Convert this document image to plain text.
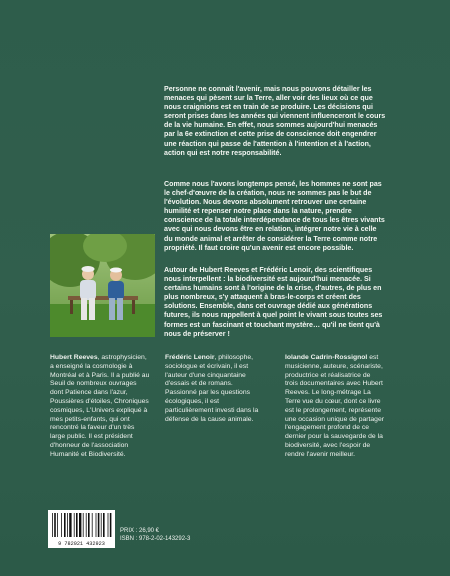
Personne ne connaît l'avenir, mais nous pouvons détailler les menaces qui pèsent sur la Terre, aller voir des lieux où ce que nous craignions est en train de se produire. Les décisions qui seront prises dans les années qui viennent influenceront le cours de la vie humaine. En effet, nous sommes aujourd'hui menacés par la 6e extinction et cette prise de conscience doit engendrer une réaction qui passe de l'attention à l'intention et à l'action, action qui est notre responsabilité.

Comme nous l'avons longtemps pensé, les hommes ne sont pas le chef-d'œuvre de la création, nous ne sommes pas le but de l'évolution. Nous devons absolument retrouver une certaine humilité et repenser notre place dans la nature, prendre conscience de la totale interdépendance de tous les êtres vivants avec qui nous devons être en relation, intégrer notre vie à celle du monde animal et arrêter de considérer la Terre comme notre propriété. Il faut croire qu'un avenir est encore possible.

Autour de Hubert Reeves et Frédéric Lenoir, des scientifiques nous interpellent : la biodiversité est aujourd'hui menacée. Si certains humains sont à l'origine de la crise, d'autres, de plus en plus nombreux, s'y attaquent à bras-le-corps et créent des solutions. Ensemble, dans cet ouvrage dédié aux générations futures, ils nous rappellent à quel point le vivant sous toutes ses formes est un fascinant et touchant mystère… qu'il ne tient qu'à nous de préserver !

Hubert Reeves, astrophysicien, a enseigné la cosmologie à Montréal et à Paris. Il a publié au Seuil de nombreux ouvrages dont Patience dans l'azur, Poussières d'étoiles, Chroniques cosmiques, L'Univers expliqué à mes petits-enfants, qui ont rencontré la faveur d'un très large public. Il est président d'honneur de l'association Humanité et Biodiversité.

Frédéric Lenoir, philosophe, sociologue et écrivain, il est l'auteur d'une cinquantaine d'essais et de romans. Passionné par les questions écologiques, il est particulièrement investi dans la défense de la cause animale.

Iolande Cadrin-Rossignol est musicienne, auteure, scénariste, productrice et réalisatrice de trois documentaires avec Hubert Reeves. Le long-métrage La Terre vue du cœur, dont ce livre est le prolongement, représente une occasion unique de partager l'engagement profond de ce dernier pour la sauvegarde de la biodiversité, avec l'espoir de rendre l'avenir meilleur.

9 782021 432923
PRIX : 26,90 €
ISBN : 978-2-02-143292-3
